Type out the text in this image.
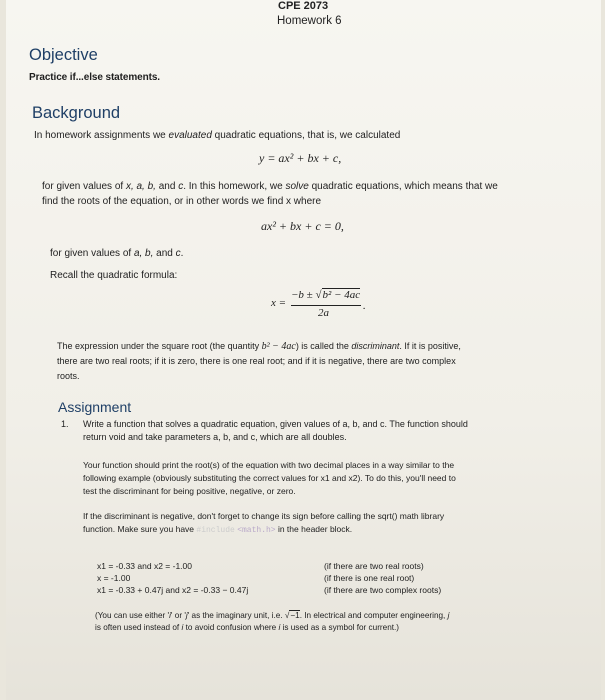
CPE 2073
Homework 6
Objective
Practice if...else statements.
Background
In homework assignments we evaluated quadratic equations, that is, we calculated
y = ax² + bx + c,
for given values of x, a, b, and c. In this homework, we solve quadratic equations, which means that we
find the roots of the equation, or in other words we find x where
ax² + bx + c = 0,
for given values of a, b, and c.
Recall the quadratic formula:
x =
−b ± √b² − 4ac
2a
.
The expression under the square root (the quantity b² − 4ac) is called the discriminant. If it is positive,
there are two real roots; if it is zero, there is one real root; and if it is negative, there are two complex
roots.
Assignment
1. Write a function that solves a quadratic equation, given values of a, b, and c. The function should
return void and take parameters a, b, and c, which are all doubles.
Your function should print the root(s) of the equation with two decimal places in a way similar to the
following example (obviously substituting the correct values for x1 and x2). To do this, you'll need to
test the discriminant for being positive, negative, or zero.
If the discriminant is negative, don't forget to change its sign before calling the sqrt() math library
function. Make sure you have #include <math.h> in the header block.
x1 = -0.33 and x2 = -1.00	(if there are two real roots)
x = -1.00	(if there is one real root)
x1 = -0.33 + 0.47j and x2 = -0.33 − 0.47j	(if there are two complex roots)
(You can use either 'i' or 'j' as the imaginary unit, i.e. √−1. In electrical and computer engineering, j
is often used instead of i to avoid confusion where i is used as a symbol for current.)
